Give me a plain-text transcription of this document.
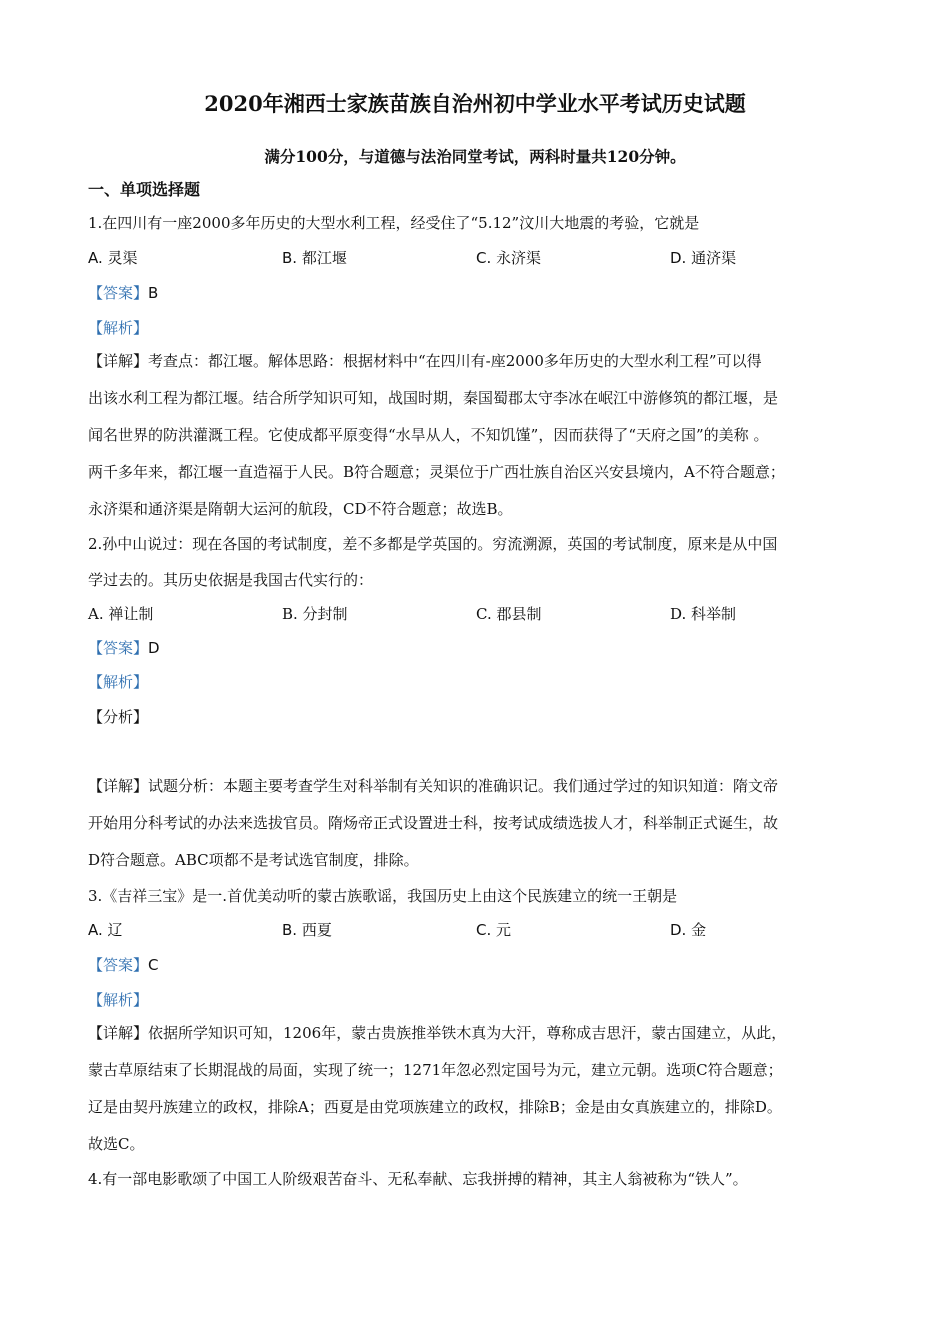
2020年湘西士家族苗族自治州初中学业水平考试历史试题
满分100分，与道德与法治同堂考试，两科时量共120分钟。
一、单项选择题
1.在四川有一座2000多年历史的大型水利工程，经受住了“5.12”汶川大地震的考验，它就是
A. 灵渠	B. 都江堰	C. 永济渠	D. 通济渠
【答案】B
【解析】
【详解】考查点：都江堰。解体思路：根据材料中“在四川有-座2000多年历史的大型水利工程”可以得
出该水利工程为都江堰。结合所学知识可知，战国时期，秦国蜀郡太守李冰在岷江中游修筑的都江堰，是
闻名世界的防洪灌溉工程。它使成都平原变得“水旱从人，不知饥馑”，因而获得了“天府之国”的美称 。
两千多年来，都江堰一直造福于人民。B符合题意；灵渠位于广西壮族自治区兴安县境内，A不符合题意；
永济渠和通济渠是隋朝大运河的航段，CD不符合题意；故选B。
2.孙中山说过：现在各国的考试制度，差不多都是学英国的。穷流溯源，英国的考试制度，原来是从中国
学过去的。其历史依据是我国古代实行的：
A. 禅让制	B. 分封制	C. 郡县制	D. 科举制
【答案】D
【解析】
【分析】
【详解】试题分析：本题主要考查学生对科举制有关知识的准确识记。我们通过学过的知识知道：隋文帝
开始用分科考试的办法来选拔官员。隋炀帝正式设置进士科，按考试成绩选拔人才，科举制正式诞生，故
D符合题意。ABC项都不是考试选官制度，排除。
3.《吉祥三宝》是一.首优美动听的蒙古族歌谣，我国历史上由这个民族建立的统一王朝是
A. 辽	B. 西夏	C. 元	D. 金
【答案】C
【解析】
【详解】依据所学知识可知，1206年，蒙古贵族推举铁木真为大汗，尊称成吉思汗，蒙古国建立，从此，
蒙古草原结束了长期混战的局面，实现了统一；1271年忽必烈定国号为元，建立元朝。选项C符合题意；
辽是由契丹族建立的政权，排除A；西夏是由党项族建立的政权，排除B；金是由女真族建立的，排除D。
故选C。
4.有一部电影歌颂了中国工人阶级艰苦奋斗、无私奉献、忘我拼搏的精神，其主人翁被称为“铁人”。
